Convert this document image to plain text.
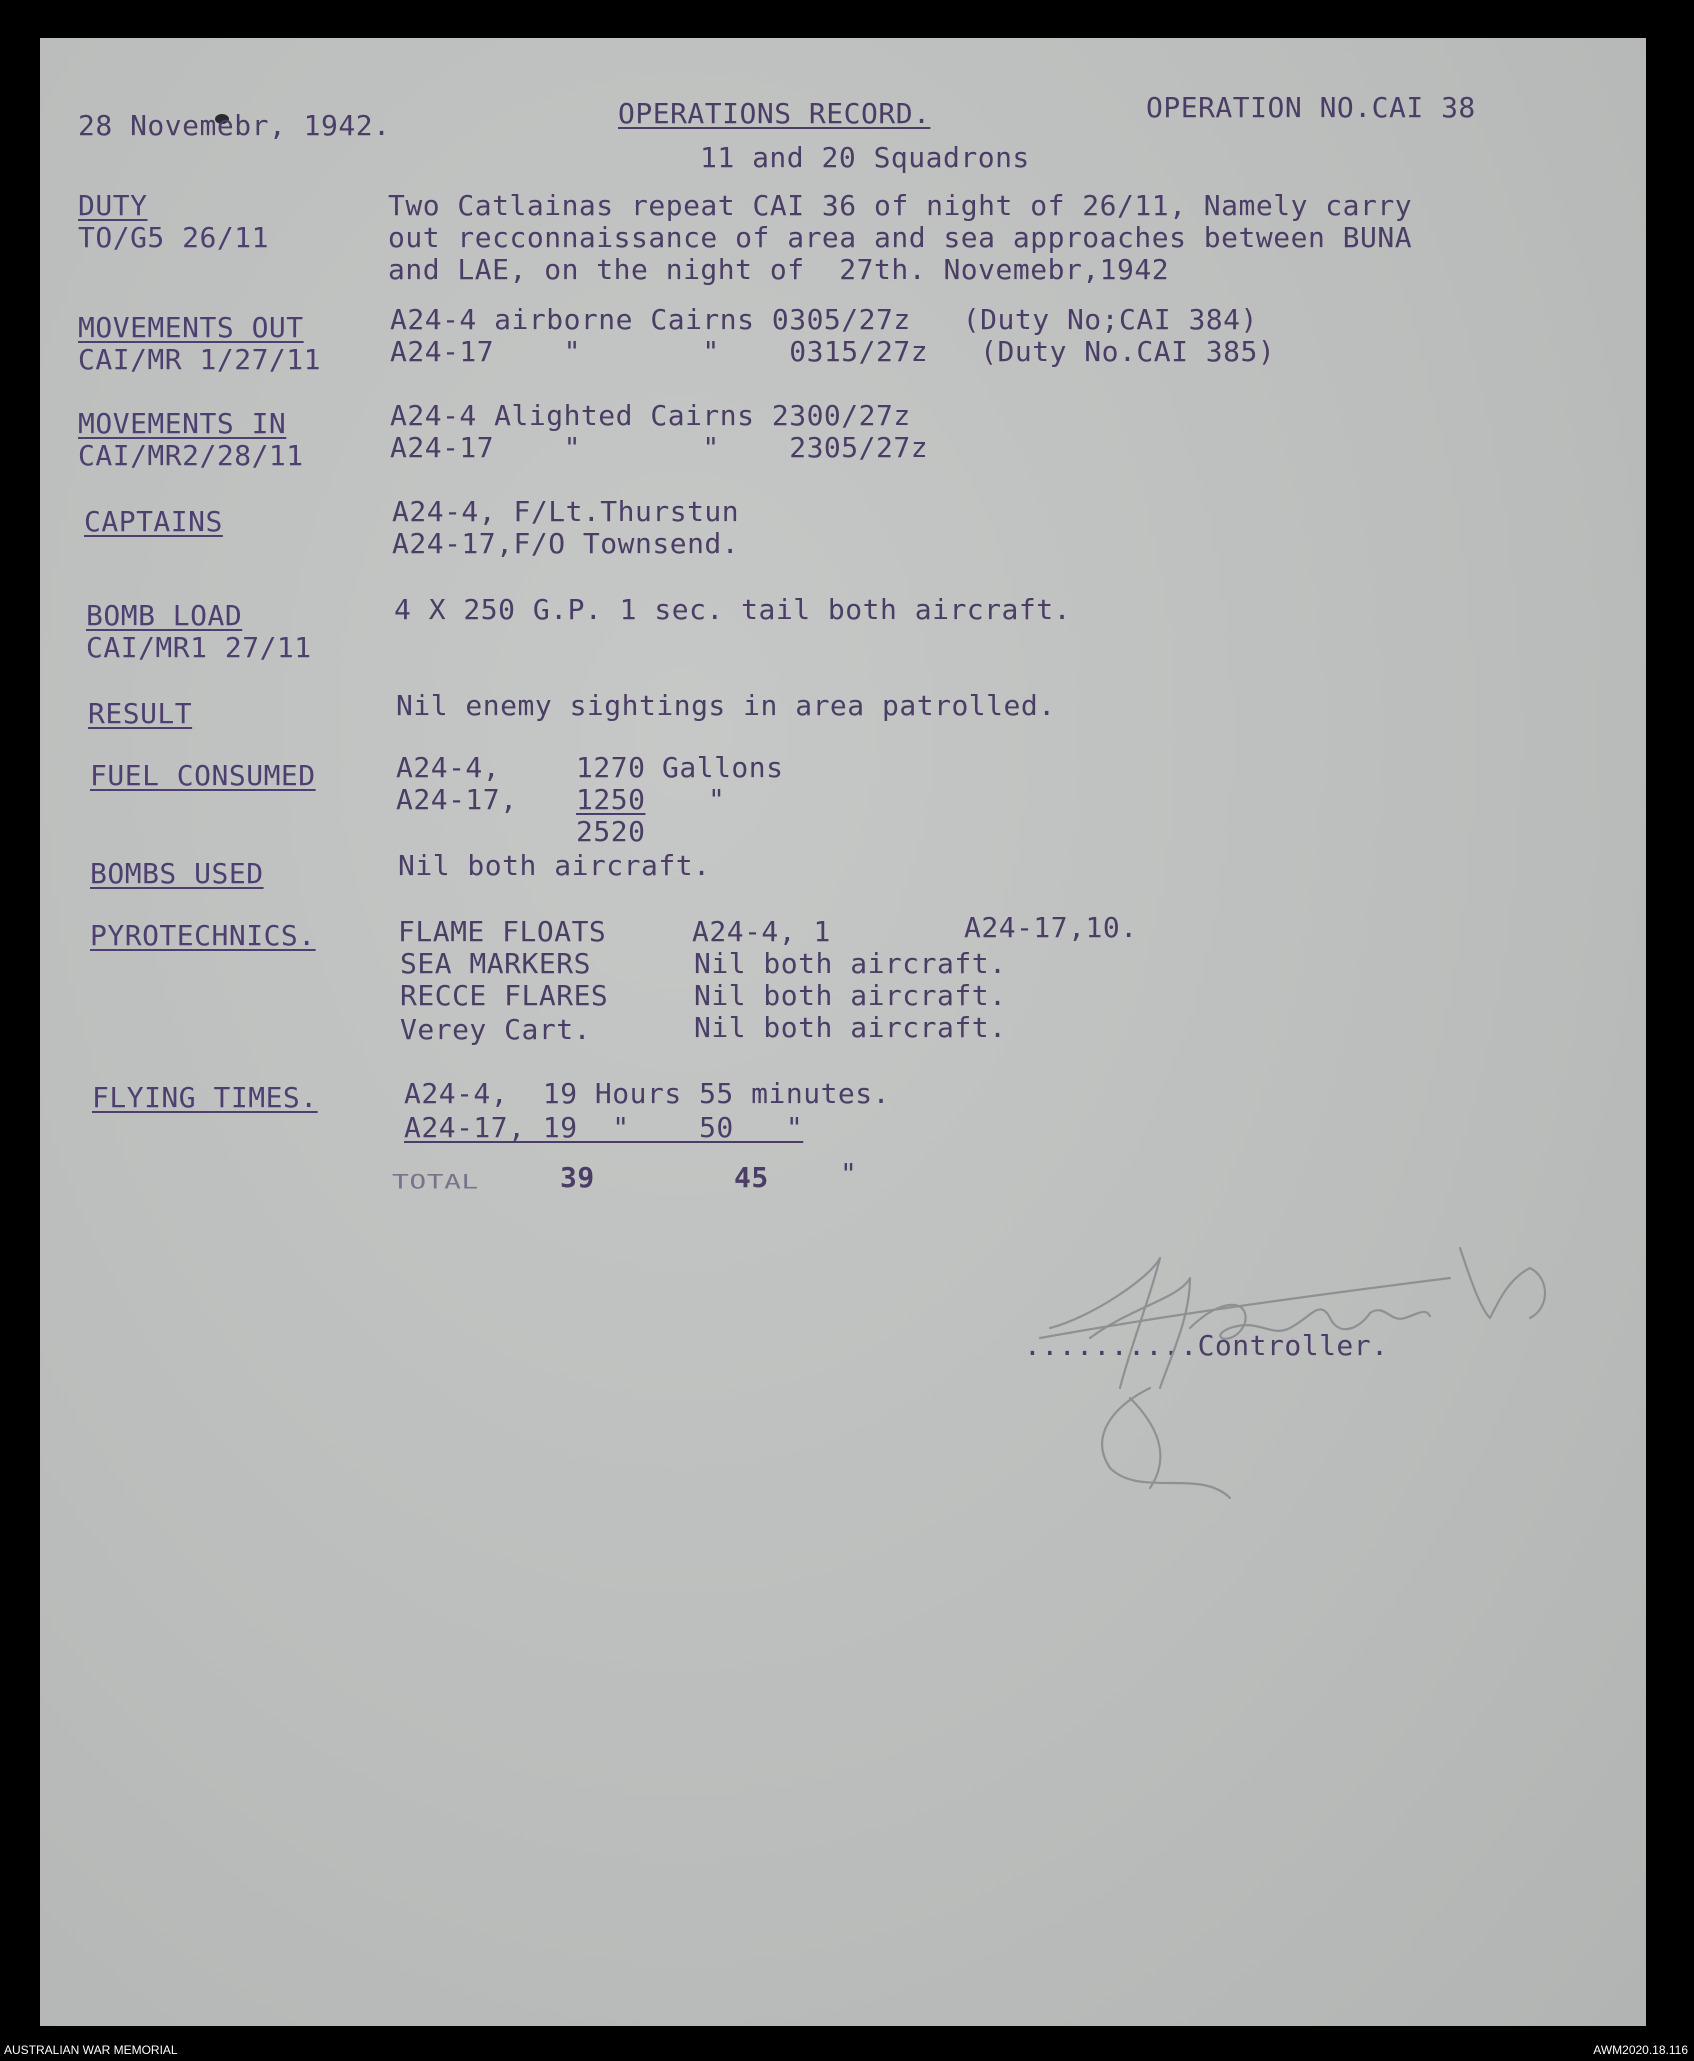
28 Novemebr, 1942.	OPERATIONS RECORD.	OPERATION NO.CAI 38
11 and 20 Squadrons
DUTY
TO/G5 26/11
Two Catlainas repeat CAI 36 of night of 26/11, Namely carry
out recconnaissance of area and sea approaches between BUNA
and LAE, on the night of  27th. Novemebr,1942
MOVEMENTS OUT
CAI/MR 1/27/11
A24-4 airborne Cairns 0305/27z   (Duty No;CAI 384)
A24-17    "       "    0315/27z   (Duty No.CAI 385)
MOVEMENTS IN
CAI/MR2/28/11
A24-4 Alighted Cairns 2300/27z
A24-17    "       "    2305/27z
CAPTAINS	A24-4, F/Lt.Thurstun
A24-17,F/O Townsend.
BOMB LOAD
CAI/MR1 27/11
4 X 250 G.P. 1 sec. tail both aircraft.
RESULT	Nil enemy sightings in area patrolled.
FUEL CONSUMED	A24-4,	1270 Gallons
A24-17, 1250 "
2520
BOMBS USED	Nil both aircraft.
PYROTECHNICS.	FLAME FLOATS	A24-4, 1	A24-17,10.
SEA MARKERS	Nil both aircraft.
RECCE FLARES	Nil both aircraft.
Verey Cart.	Nil both aircraft.
FLYING TIMES.	A24-4,  19 Hours 55 minutes.
A24-17, 19  "    50   "
TOTAL	39	45	"
..........Controller.
AUSTRALIAN WAR MEMORIAL	AWM2020.18.116
